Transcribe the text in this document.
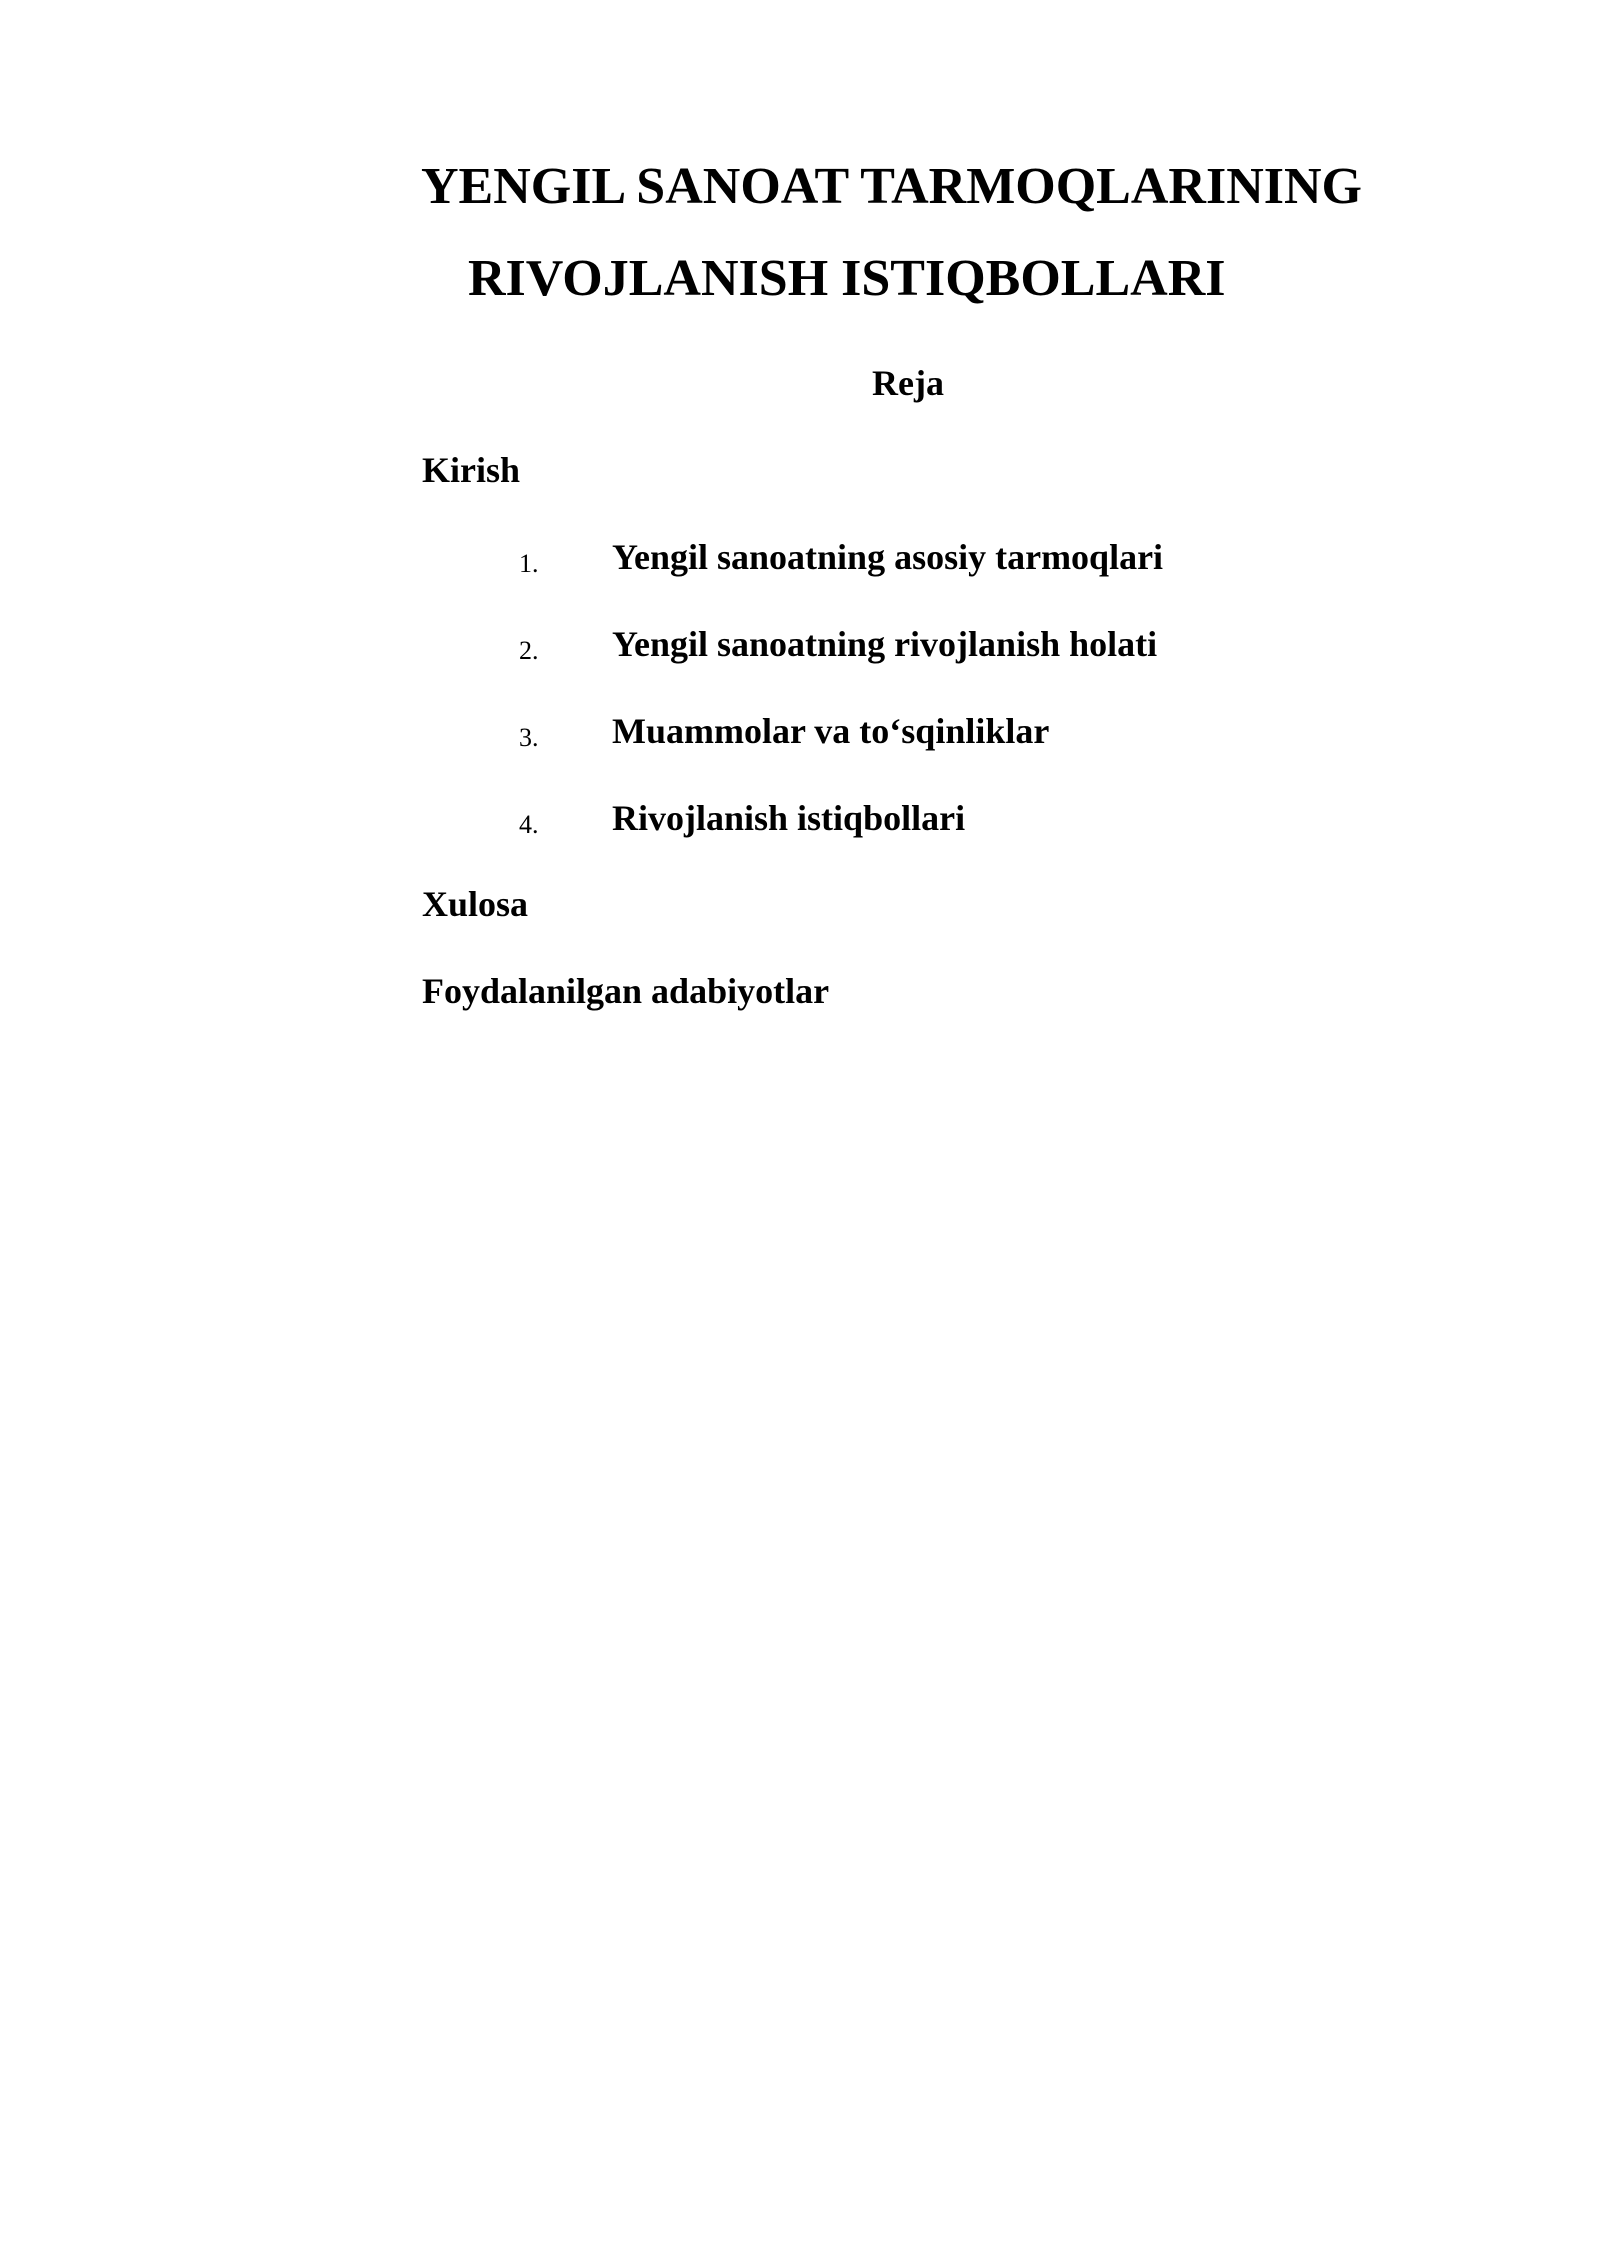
YENGIL SANOAT TARMOQLARINING
RIVOJLANISH ISTIQBOLLARI
Reja

Kirish

1. Yengil sanoatning asosiy tarmoqlari
2. Yengil sanoatning rivojlanish holati
3. Muammolar va to‘sqinliklar
4. Rivojlanish istiqbollari

Xulosa

Foydalanilgan adabiyotlar
